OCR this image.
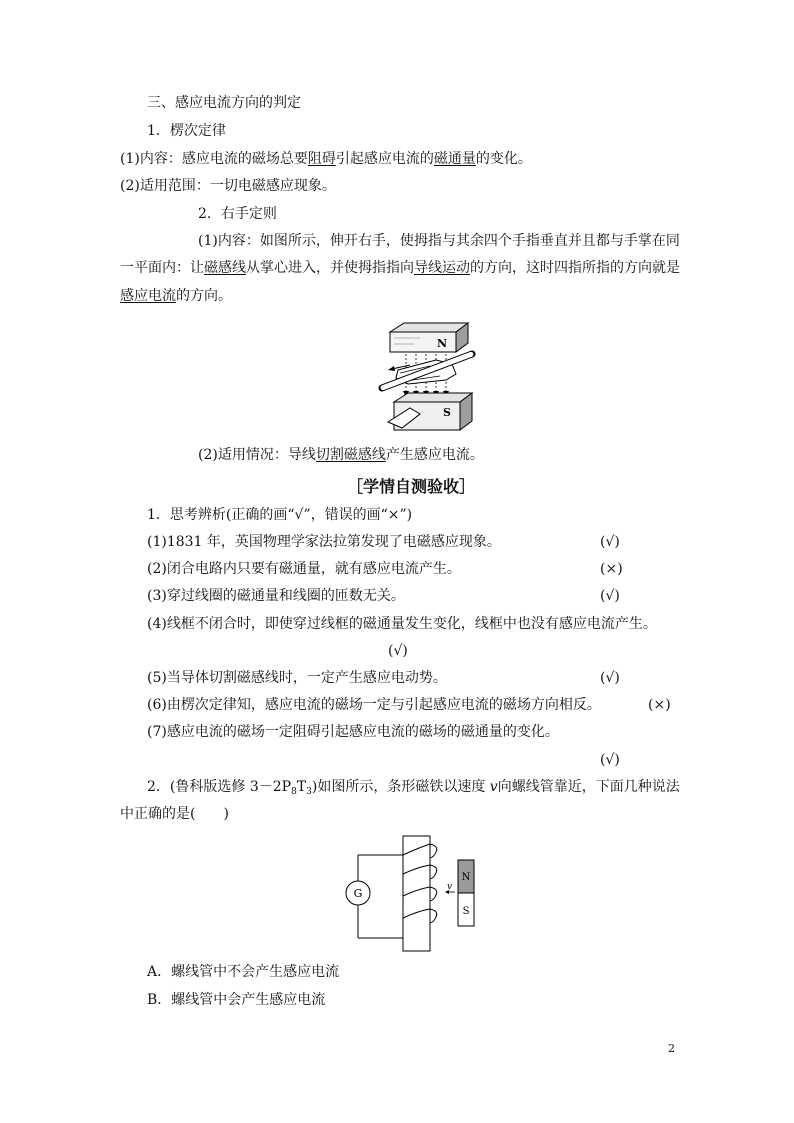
三、感应电流方向的判定
1．楞次定律
(1)内容：感应电流的磁场总要阻碍引起感应电流的磁通量的变化。
(2)适用范围：一切电磁感应现象。
2．右手定则
(1)内容：如图所示，伸开右手，使拇指与其余四个手指垂直并且都与手掌在同
一平面内：让磁感线从掌心进入，并使拇指指向导线运动的方向，这时四指所指的方向就是
感应电流的方向。
N
S
(2)适用情况：导线切割磁感线产生感应电流。
［学情自测验收］
1．思考辨析(正确的画“√”，错误的画“×”)
(1)1831 年，英国物理学家法拉第发现了电磁感应现象。	(√)
(2)闭合电路内只要有磁通量，就有感应电流产生。	(×)
(3)穿过线圈的磁通量和线圈的匝数无关。	(√)
(4)线框不闭合时，即使穿过线框的磁通量发生变化，线框中也没有感应电流产生。
(√)
(5)当导体切割磁感线时，一定产生感应电动势。	(√)
(6)由楞次定律知，感应电流的磁场一定与引起感应电流的磁场方向相反。	(×)
(7)感应电流的磁场一定阻碍引起感应电流的磁场的磁通量的变化。
(√)
2．(鲁科版选修 $3-2P_8T_3$)如图所示，条形磁铁以速度 v向螺线管靠近，下面几种说法
中正确的是(　　)
G
N
S
v
A．螺线管中不会产生感应电流
B．螺线管中会产生感应电流
2
